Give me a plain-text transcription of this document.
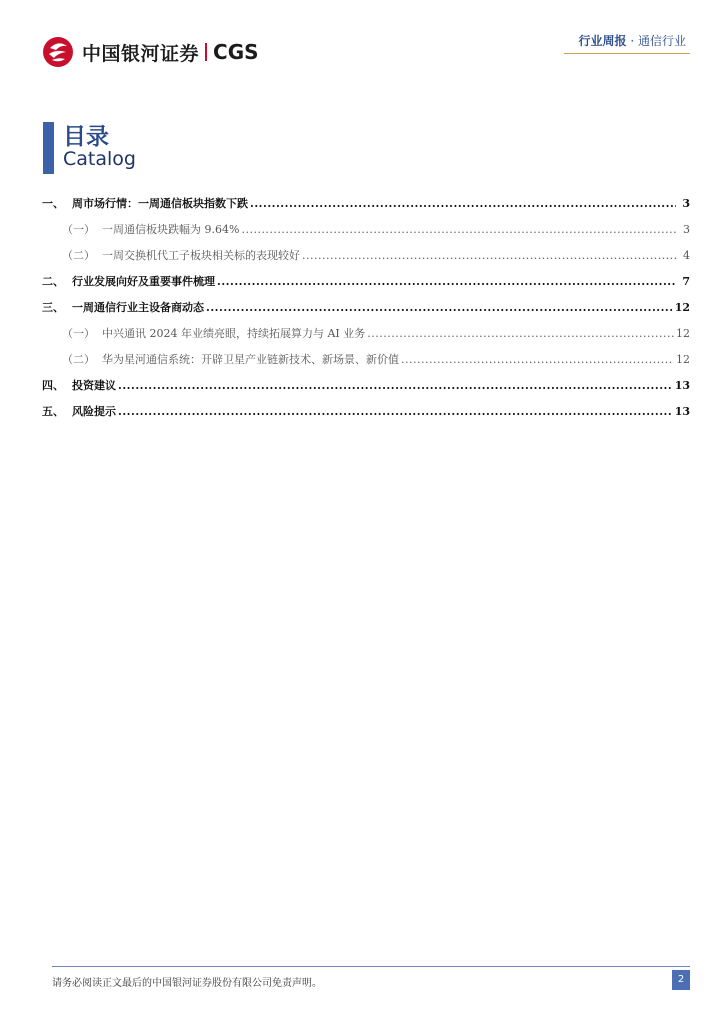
中国银河证券 CGS	行业周报 · 通信行业
目录
Catalog
一、 周市场行情：一周通信板块指数下跌 .....	3
（一） 一周通信板块跌幅为 9.64% .....	3
（二） 一周交换机代工子板块相关标的表现较好 .....	4
二、 行业发展向好及重要事件梳理 .....	7
三、 一周通信行业主设备商动态 .....	12
（一） 中兴通讯 2024 年业绩亮眼，持续拓展算力与 AI 业务 .....	12
（二） 华为星河通信系统：开辟卫星产业链新技术、新场景、新价值 .....	12
四、 投资建议 .....	13
五、 风险提示 .....	13
请务必阅读正文最后的中国银河证券股份有限公司免责声明。	2
